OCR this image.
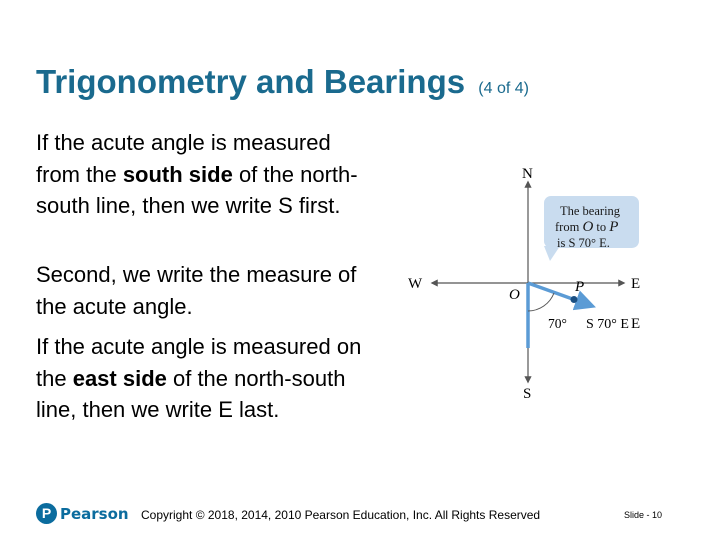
Trigonometry and Bearings (4 of 4)

If the acute angle is measured from the south side of the north-south line, then we write S first.

Second, we write the measure of the acute angle.

If the acute angle is measured on the east side of the north-south line, then we write E last.

The bearing
from O to P
is S 70° E.
N
S
E
W
O	P
70° S 70° E E
P Pearson Copyright © 2018, 2014, 2010 Pearson Education, Inc. All Rights Reserved	Slide - 10
